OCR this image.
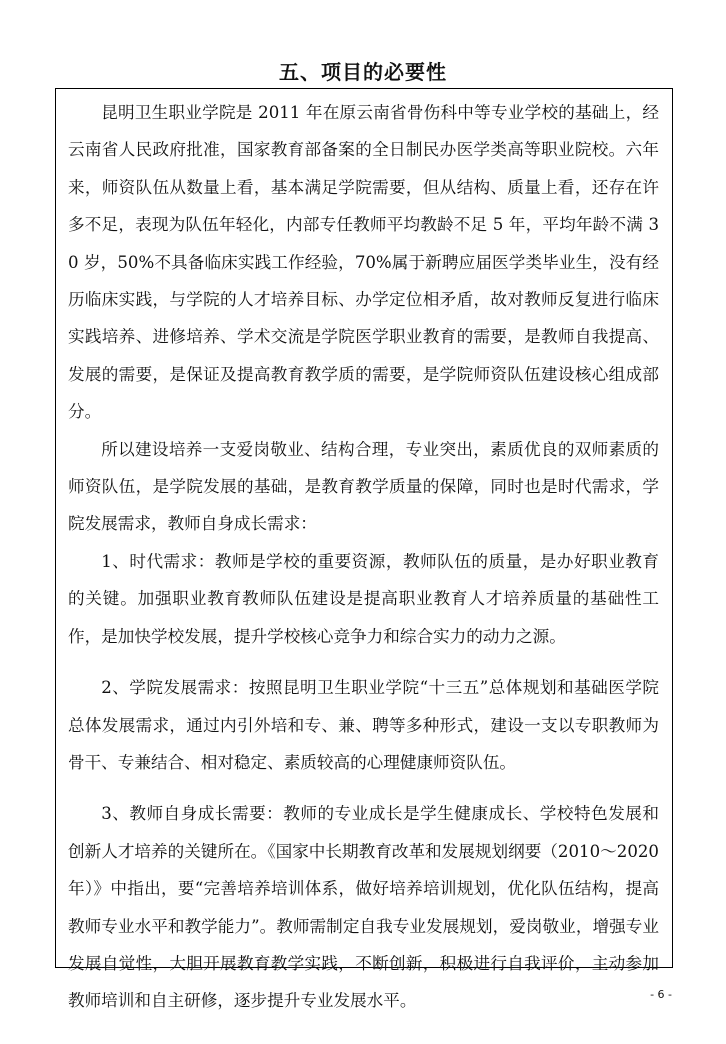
五、项目的必要性

昆明卫生职业学院是 2011 年在原云南省骨伤科中等专业学校的基础上，经云南省人民政府批准，国家教育部备案的全日制民办医学类高等职业院校。六年来，师资队伍从数量上看，基本满足学院需要，但从结构、质量上看，还存在许多不足，表现为队伍年轻化，内部专任教师平均教龄不足 5 年，平均年龄不满 30 岁，50%不具备临床实践工作经验，70%属于新聘应届医学类毕业生，没有经历临床实践，与学院的人才培养目标、办学定位相矛盾，故对教师反复进行临床实践培养、进修培养、学术交流是学院医学职业教育的需要，是教师自我提高、发展的需要，是保证及提高教育教学质的需要，是学院师资队伍建设核心组成部分。

所以建设培养一支爱岗敬业、结构合理，专业突出，素质优良的双师素质的师资队伍，是学院发展的基础，是教育教学质量的保障，同时也是时代需求，学院发展需求，教师自身成长需求：

1、时代需求：教师是学校的重要资源，教师队伍的质量，是办好职业教育的关键。加强职业教育教师队伍建设是提高职业教育人才培养质量的基础性工作，是加快学校发展，提升学校核心竞争力和综合实力的动力之源。

2、学院发展需求：按照昆明卫生职业学院“十三五”总体规划和基础医学院总体发展需求，通过内引外培和专、兼、聘等多种形式，建设一支以专职教师为骨干、专兼结合、相对稳定、素质较高的心理健康师资队伍。

3、教师自身成长需要：教师的专业成长是学生健康成长、学校特色发展和创新人才培养的关键所在。《国家中长期教育改革和发展规划纲要（2010～2020 年）》中指出，要“完善培养培训体系，做好培养培训规划，优化队伍结构，提高教师专业水平和教学能力”。教师需制定自我专业发展规划，爱岗敬业，增强专业发展自觉性，大胆开展教育教学实践，不断创新，积极进行自我评价，主动参加教师培训和自主研修，逐步提升专业发展水平。	- 6 -
